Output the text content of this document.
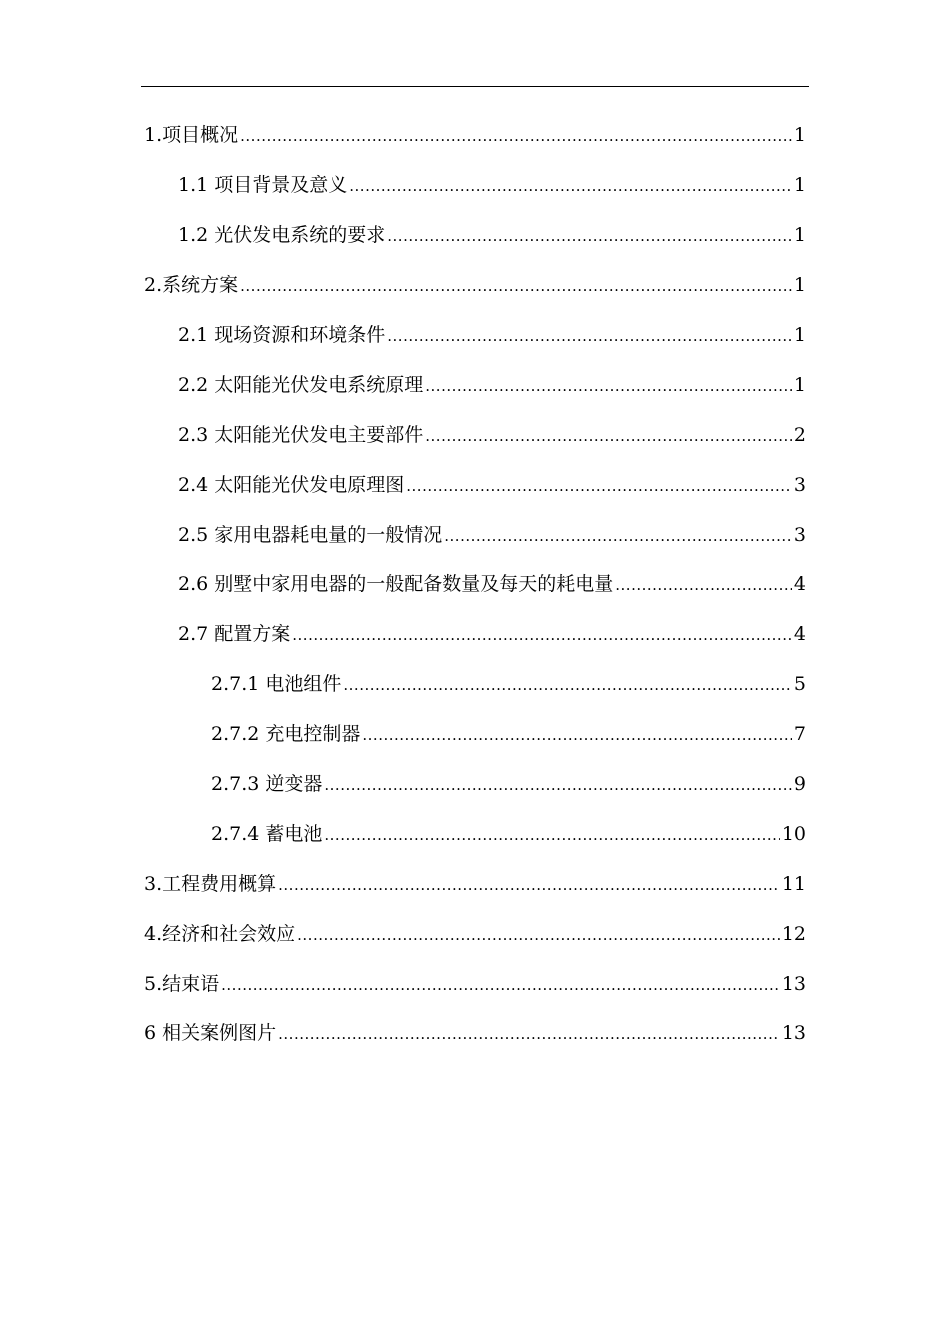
1.项目概况 .....	1
1.1 项目背景及意义 .....	1
1.2 光伏发电系统的要求 .....	1
2.系统方案 .....	1
2.1 现场资源和环境条件 .....	1
2.2 太阳能光伏发电系统原理 .....	1
2.3 太阳能光伏发电主要部件 .....	2
2.4 太阳能光伏发电原理图 .....	3
2.5 家用电器耗电量的一般情况 .....	3
2.6 别墅中家用电器的一般配备数量及每天的耗电量 .....	4
2.7 配置方案 .....	4
2.7.1 电池组件 .....	5
2.7.2 充电控制器 .....	7
2.7.3 逆变器 .....	9
2.7.4 蓄电池 .....	10
3.工程费用概算 .....	11
4.经济和社会效应 .....	12
5.结束语 .....	13
6 相关案例图片 .....	13
